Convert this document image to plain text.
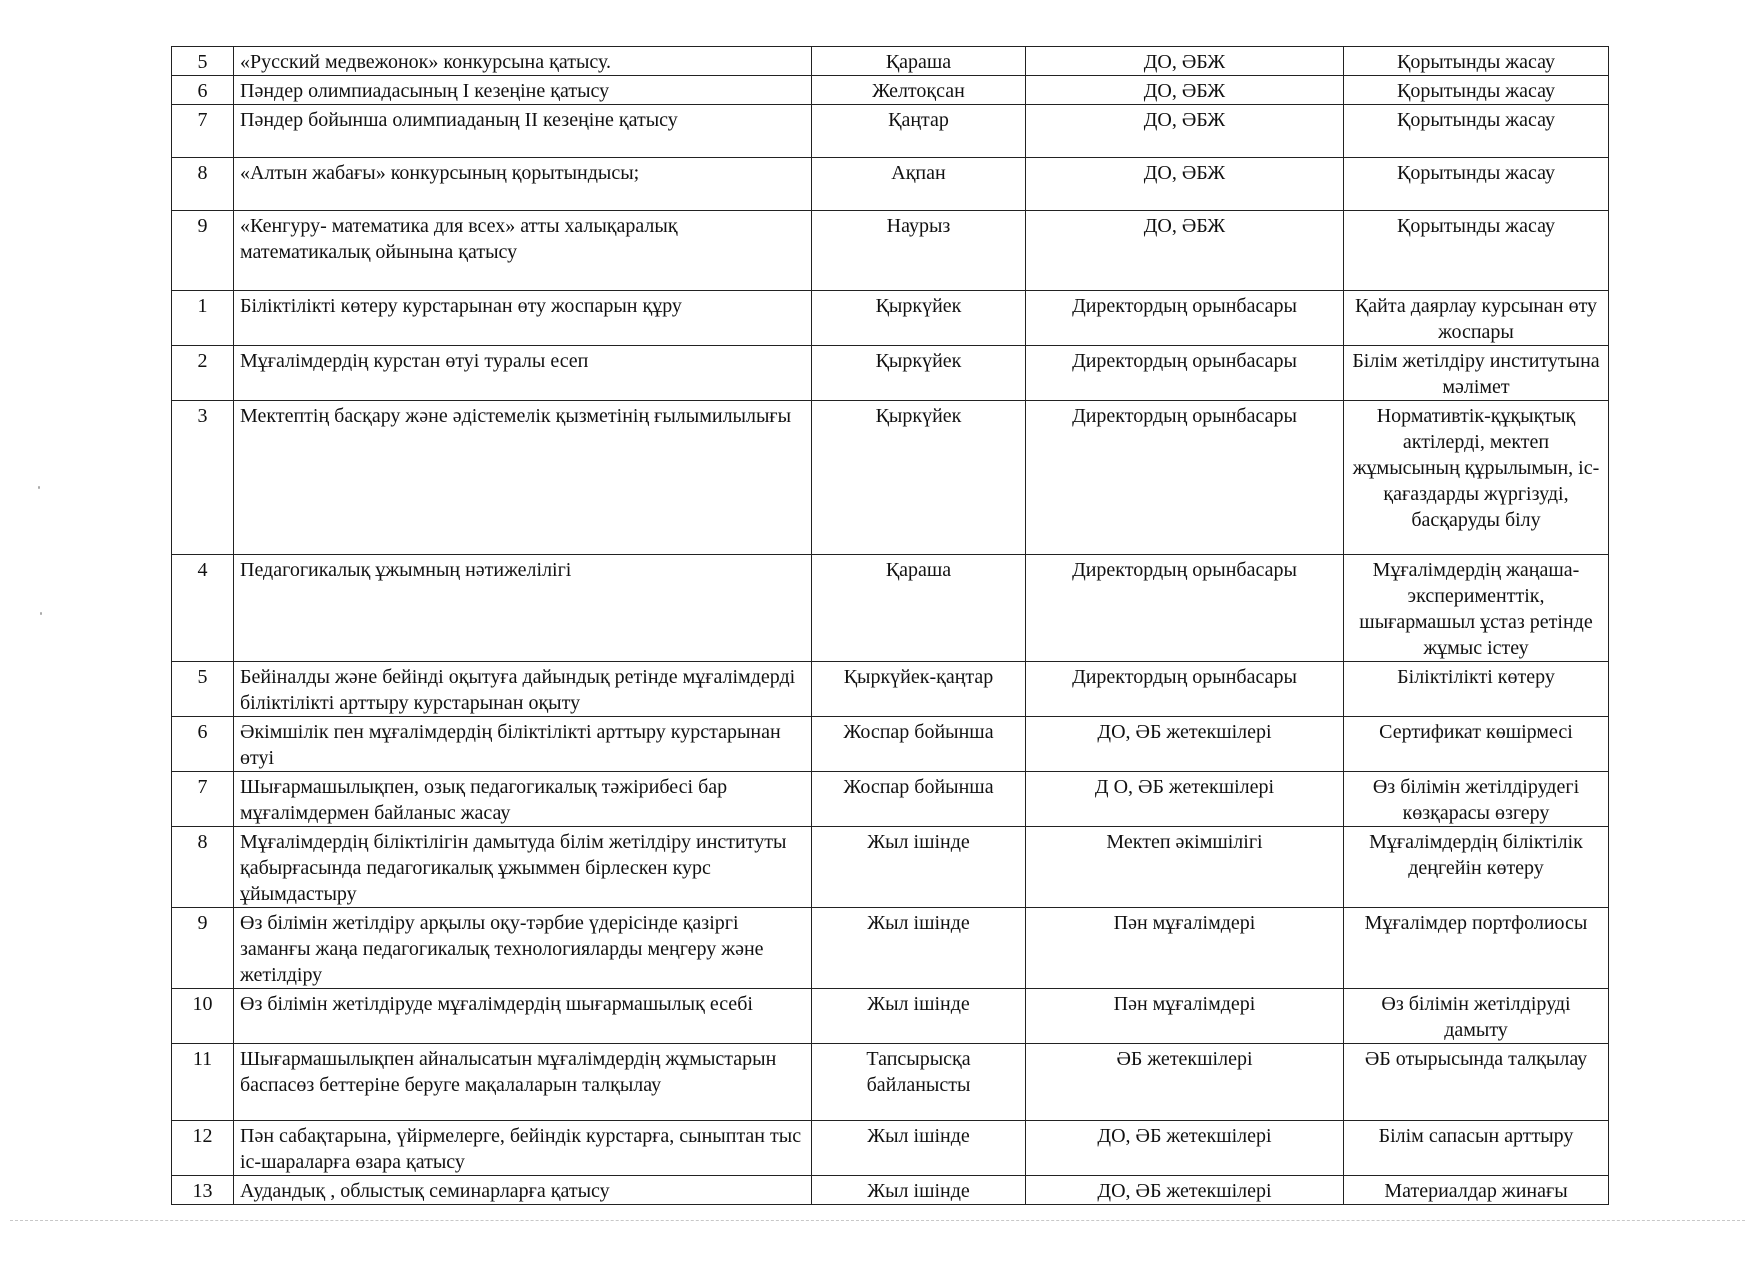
5	«Русский медвежонок» конкурсына қатысу.	Қараша	ДО, ӘБЖ	Қорытынды жасау
6	Пәндер олимпиадасының І кезеңіне қатысу	Желтоқсан	ДО, ӘБЖ	Қорытынды жасау
7	Пәндер бойынша олимпиаданың ІІ кезеңіне қатысу	Қаңтар	ДО, ӘБЖ	Қорытынды жасау
8	«Алтын жабағы» конкурсының қорытындысы;	Ақпан	ДО, ӘБЖ	Қорытынды жасау
9	«Кенгуру- математика для всех» атты халықаралық математикалық ойынына қатысу	Наурыз	ДО, ӘБЖ	Қорытынды жасау
1	Біліктілікті көтеру курстарынан өту жоспарын құру	Қыркүйек	Директордың орынбасары	Қайта даярлау курсынан өту жоспары
2	Мұғалімдердің курстан өтуі туралы есеп	Қыркүйек	Директордың орынбасары	Білім жетілдіру институтына мәлімет
3	Мектептің басқару және әдістемелік қызметінің ғылымилылығы	Қыркүйек	Директордың орынбасары	Нормативтік-құқықтық актілерді, мектеп жұмысының құрылымын, іс-қағаздарды жүргізуді, басқаруды білу
4	Педагогикалық ұжымның нәтижелілігі	Қараша	Директордың орынбасары	Мұғалімдердің жаңаша-эксперименттік, шығармашыл ұстаз ретінде жұмыс істеу
5	Бейіналды және бейінді оқытуға дайындық ретінде мұғалімдерді біліктілікті арттыру курстарынан оқыту	Қыркүйек-қаңтар	Директордың орынбасары	Біліктілікті көтеру
6	Әкімшілік пен мұғалімдердің біліктілікті арттыру курстарынан өтуі	Жоспар бойынша	ДО, ӘБ жетекшілері	Сертификат көшірмесі
7	Шығармашылықпен, озық педагогикалық тәжірибесі бар мұғалімдермен байланыс жасау	Жоспар бойынша	Д О, ӘБ жетекшілері	Өз білімін жетілдірудегі көзқарасы өзгеру
8	Мұғалімдердің біліктілігін дамытуда білім жетілдіру институты қабырғасында педагогикалық ұжыммен бірлескен курс ұйымдастыру	Жыл ішінде	Мектеп әкімшілігі	Мұғалімдердің біліктілік деңгейін көтеру
9	Өз білімін жетілдіру арқылы оқу-тәрбие үдерісінде қазіргі заманғы жаңа педагогикалық технологияларды меңгеру және жетілдіру	Жыл ішінде	Пән мұғалімдері	Мұғалімдер портфолиосы
10	Өз білімін жетілдіруде мұғалімдердің шығармашылық есебі	Жыл ішінде	Пән мұғалімдері	Өз білімін жетілдіруді дамыту
11	Шығармашылықпен айналысатын мұғалімдердің жұмыстарын баспасөз беттеріне беруге мақалаларын талқылау	Тапсырысқа байланысты	ӘБ жетекшілері	ӘБ отырысында талқылау
12	Пән сабақтарына, үйірмелерге, бейіндік курстарға, сыныптан тыс іс-шараларға өзара қатысу	Жыл ішінде	ДО, ӘБ жетекшілері	Білім сапасын арттыру
13	Аудандық , облыстық семинарларға қатысу	Жыл ішінде	ДО, ӘБ жетекшілері	Материалдар жинағы
